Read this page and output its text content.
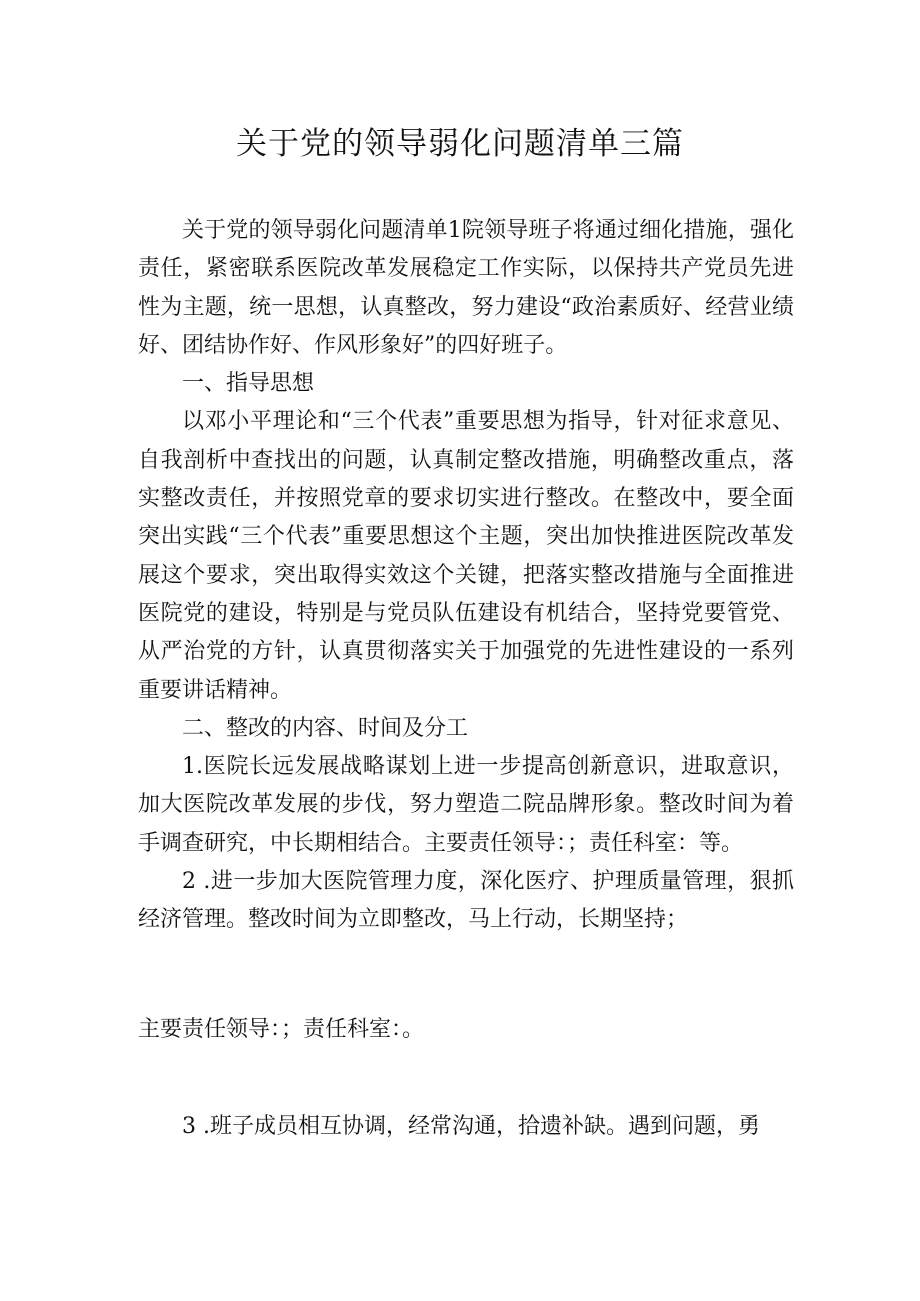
关于党的领导弱化问题清单三篇

关于党的领导弱化问题清单1院领导班子将通过细化措施，强化责任，紧密联系医院改革发展稳定工作实际，以保持共产党员先进性为主题，统一思想，认真整改，努力建设“政治素质好、经营业绩好、团结协作好、作风形象好”的四好班子。

一、指导思想

以邓小平理论和“三个代表”重要思想为指导，针对征求意见、自我剖析中查找出的问题，认真制定整改措施，明确整改重点，落实整改责任，并按照党章的要求切实进行整改。在整改中，要全面突出实践“三个代表”重要思想这个主题，突出加快推进医院改革发展这个要求，突出取得实效这个关键，把落实整改措施与全面推进医院党的建设，特别是与党员队伍建设有机结合，坚持党要管党、从严治党的方针，认真贯彻落实关于加强党的先进性建设的一系列重要讲话精神。

二、整改的内容、时间及分工

1.医院长远发展战略谋划上进一步提高创新意识，进取意识，加大医院改革发展的步伐，努力塑造二院品牌形象。整改时间为着手调查研究，中长期相结合。主要责任领导：；责任科室：等。

2 .进一步加大医院管理力度，深化医疗、护理质量管理，狠抓经济管理。整改时间为立即整改，马上行动，长期坚持；

主要责任领导：；责任科室：。

3 .班子成员相互协调，经常沟通，拾遗补缺。遇到问题，勇
